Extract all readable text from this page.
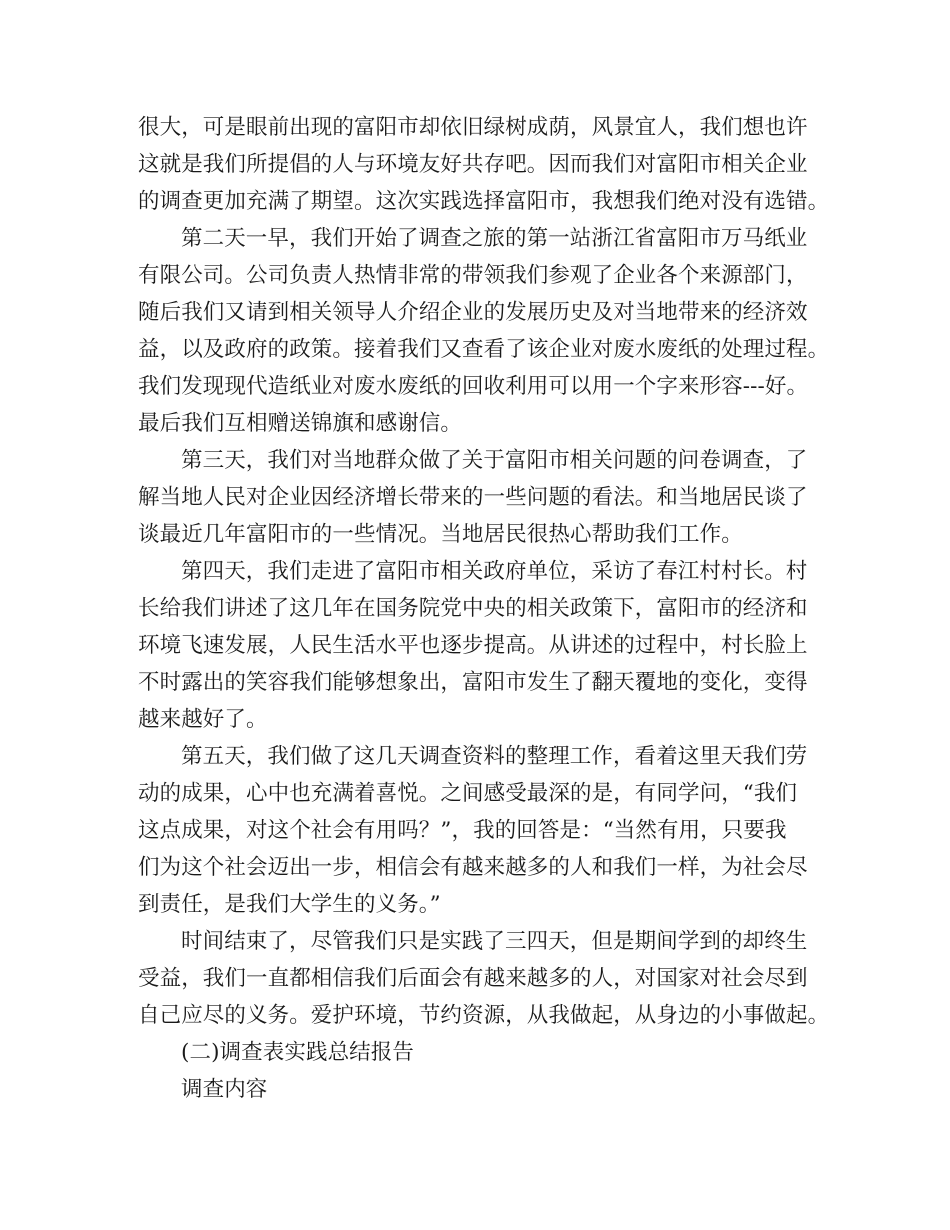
很大，可是眼前出现的富阳市却依旧绿树成荫，风景宜人，我们想也许
这就是我们所提倡的人与环境友好共存吧。因而我们对富阳市相关企业
的调查更加充满了期望。这次实践选择富阳市，我想我们绝对没有选错。
第二天一早，我们开始了调查之旅的第一站浙江省富阳市万马纸业
有限公司。公司负责人热情非常的带领我们参观了企业各个来源部门，
随后我们又请到相关领导人介绍企业的发展历史及对当地带来的经济效
益，以及政府的政策。接着我们又查看了该企业对废水废纸的处理过程。
我们发现现代造纸业对废水废纸的回收利用可以用一个字来形容---好。
最后我们互相赠送锦旗和感谢信。
第三天，我们对当地群众做了关于富阳市相关问题的问卷调查，了
解当地人民对企业因经济增长带来的一些问题的看法。和当地居民谈了
谈最近几年富阳市的一些情况。当地居民很热心帮助我们工作。
第四天，我们走进了富阳市相关政府单位，采访了春江村村长。村
长给我们讲述了这几年在国务院党中央的相关政策下，富阳市的经济和
环境飞速发展，人民生活水平也逐步提高。从讲述的过程中，村长脸上
不时露出的笑容我们能够想象出，富阳市发生了翻天覆地的变化，变得
越来越好了。
第五天，我们做了这几天调查资料的整理工作，看着这里天我们劳
动的成果，心中也充满着喜悦。之间感受最深的是，有同学问，“我们
这点成果，对这个社会有用吗？”，我的回答是：“当然有用，只要我
们为这个社会迈出一步，相信会有越来越多的人和我们一样，为社会尽
到责任，是我们大学生的义务。”
时间结束了，尽管我们只是实践了三四天，但是期间学到的却终生
受益，我们一直都相信我们后面会有越来越多的人，对国家对社会尽到
自己应尽的义务。爱护环境，节约资源，从我做起，从身边的小事做起。
(二)调查表实践总结报告
调查内容
